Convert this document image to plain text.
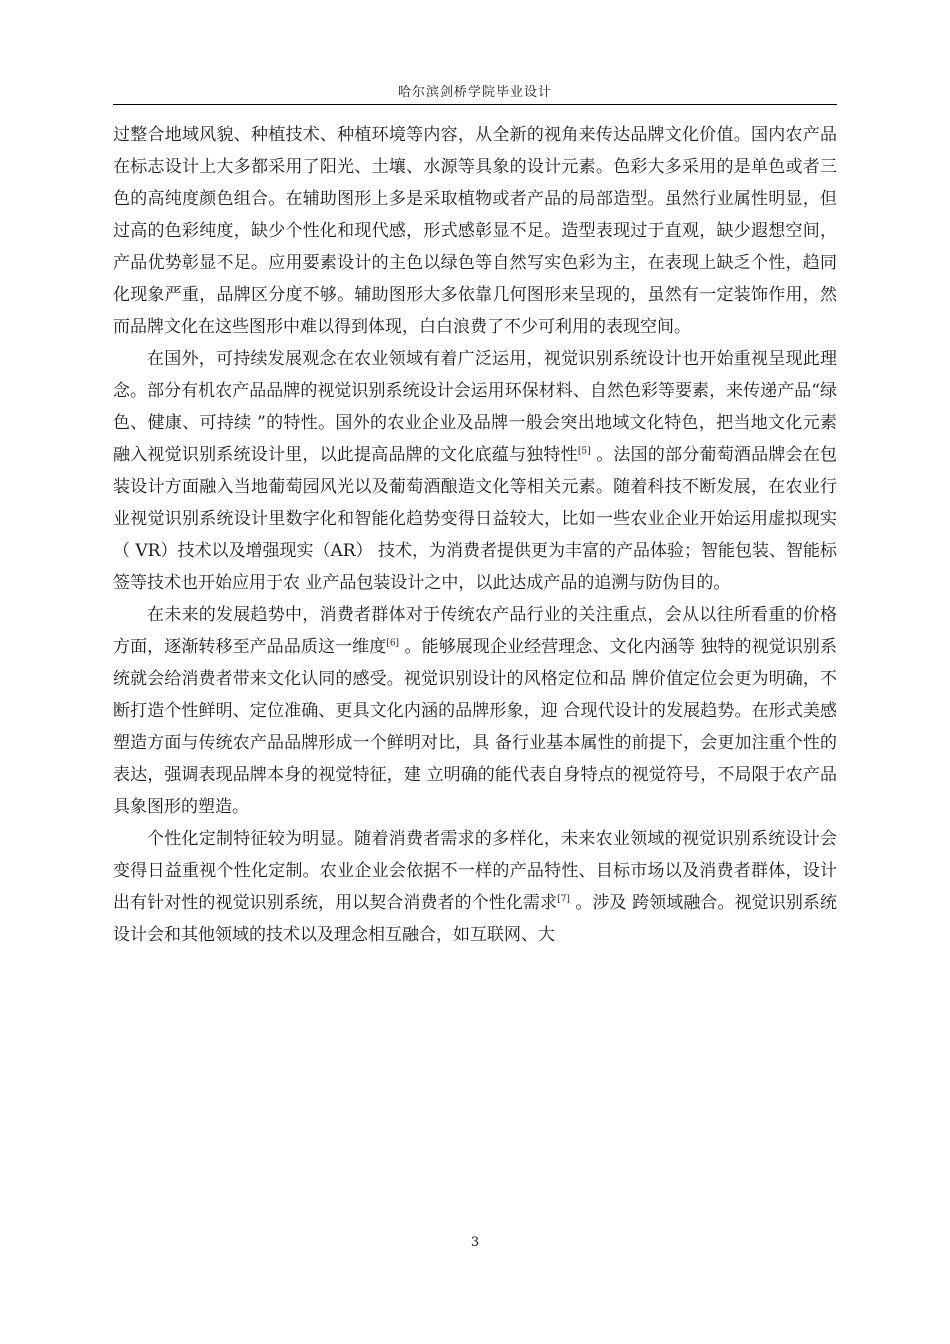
哈尔滨剑桥学院毕业设计

过整合地域风貌、种植技术、种植环境等内容，从全新的视角来传达品牌文化价值。国内农产品在标志设计上大多都采用了阳光、土壤、水源等具象的设计元素。色彩大多采用的是单色或者三色的高纯度颜色组合。在辅助图形上多是采取植物或者产品的局部造型。虽然行业属性明显，但过高的色彩纯度，缺少个性化和现代感，形式感彰显不足。造型表现过于直观，缺少遐想空间，产品优势彰显不足。应用要素设计的主色以绿色等自然写实色彩为主，在表现上缺乏个性，趋同化现象严重，品牌区分度不够。辅助图形大多依靠几何图形来呈现的，虽然有一定装饰作用，然而品牌文化在这些图形中难以得到体现，白白浪费了不少可利用的表现空间。

在国外，可持续发展观念在农业领域有着广泛运用，视觉识别系统设计也开始重视呈现此理念。部分有机农产品品牌的视觉识别系统设计会运用环保材料、自然色彩等要素，来传递产品“绿色、健康、可持续 ”的特性。国外的农业企业及品牌一般会突出地域文化特色，把当地文化元素融入视觉识别系统设计里，以此提高品牌的文化底蕴与独特性[5] 。法国的部分葡萄酒品牌会在包装设计方面融入当地葡萄园风光以及葡萄酒酿造文化等相关元素。随着科技不断发展，在农业行业视觉识别系统设计里数字化和智能化趋势变得日益较大，比如一些农业企业开始运用虚拟现实（ VR）技术以及增强现实（AR） 技术，为消费者提供更为丰富的产品体验；智能包装、智能标签等技术也开始应用于农 业产品包装设计之中，以此达成产品的追溯与防伪目的。

在未来的发展趋势中，消费者群体对于传统农产品行业的关注重点，会从以往所看重的价格方面，逐渐转移至产品品质这一维度[6] 。能够展现企业经营理念、文化内涵等 独特的视觉识别系统就会给消费者带来文化认同的感受。视觉识别设计的风格定位和品 牌价值定位会更为明确，不断打造个性鲜明、定位准确、更具文化内涵的品牌形象，迎 合现代设计的发展趋势。在形式美感塑造方面与传统农产品品牌形成一个鲜明对比，具 备行业基本属性的前提下，会更加注重个性的表达，强调表现品牌本身的视觉特征，建 立明确的能代表自身特点的视觉符号，不局限于农产品具象图形的塑造。

个性化定制特征较为明显。随着消费者需求的多样化，未来农业领域的视觉识别系统设计会变得日益重视个性化定制。农业企业会依据不一样的产品特性、目标市场以及消费者群体，设计出有针对性的视觉识别系统，用以契合消费者的个性化需求[7] 。涉及 跨领域融合。视觉识别系统设计会和其他领域的技术以及理念相互融合，如互联网、大

3
